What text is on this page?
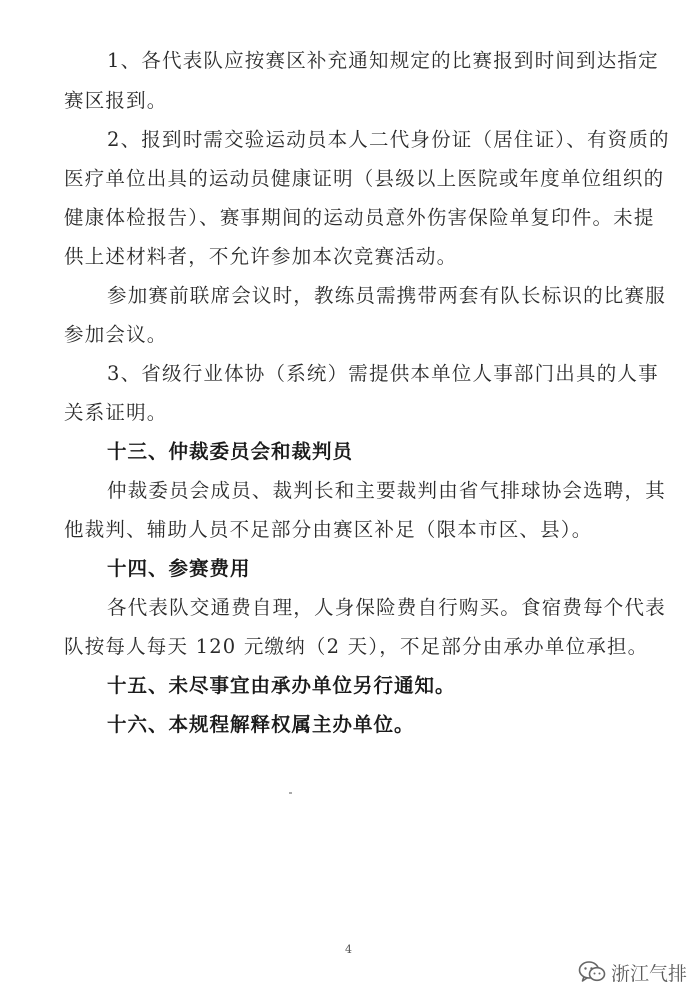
1、各代表队应按赛区补充通知规定的比赛报到时间到达指定
赛区报到。
2、报到时需交验运动员本人二代身份证（居住证）、有资质的
医疗单位出具的运动员健康证明（县级以上医院或年度单位组织的
健康体检报告）、赛事期间的运动员意外伤害保险单复印件。未提
供上述材料者，不允许参加本次竞赛活动。
参加赛前联席会议时，教练员需携带两套有队长标识的比赛服
参加会议。
3、省级行业体协（系统）需提供本单位人事部门出具的人事
关系证明。
十三、仲裁委员会和裁判员
仲裁委员会成员、裁判长和主要裁判由省气排球协会选聘，其
他裁判、辅助人员不足部分由赛区补足（限本市区、县）。
十四、参赛费用
各代表队交通费自理，人身保险费自行购买。食宿费每个代表
队按每人每天 120 元缴纳（2 天），不足部分由承办单位承担。
十五、未尽事宜由承办单位另行通知。
十六、本规程解释权属主办单位。
4
浙江气排
